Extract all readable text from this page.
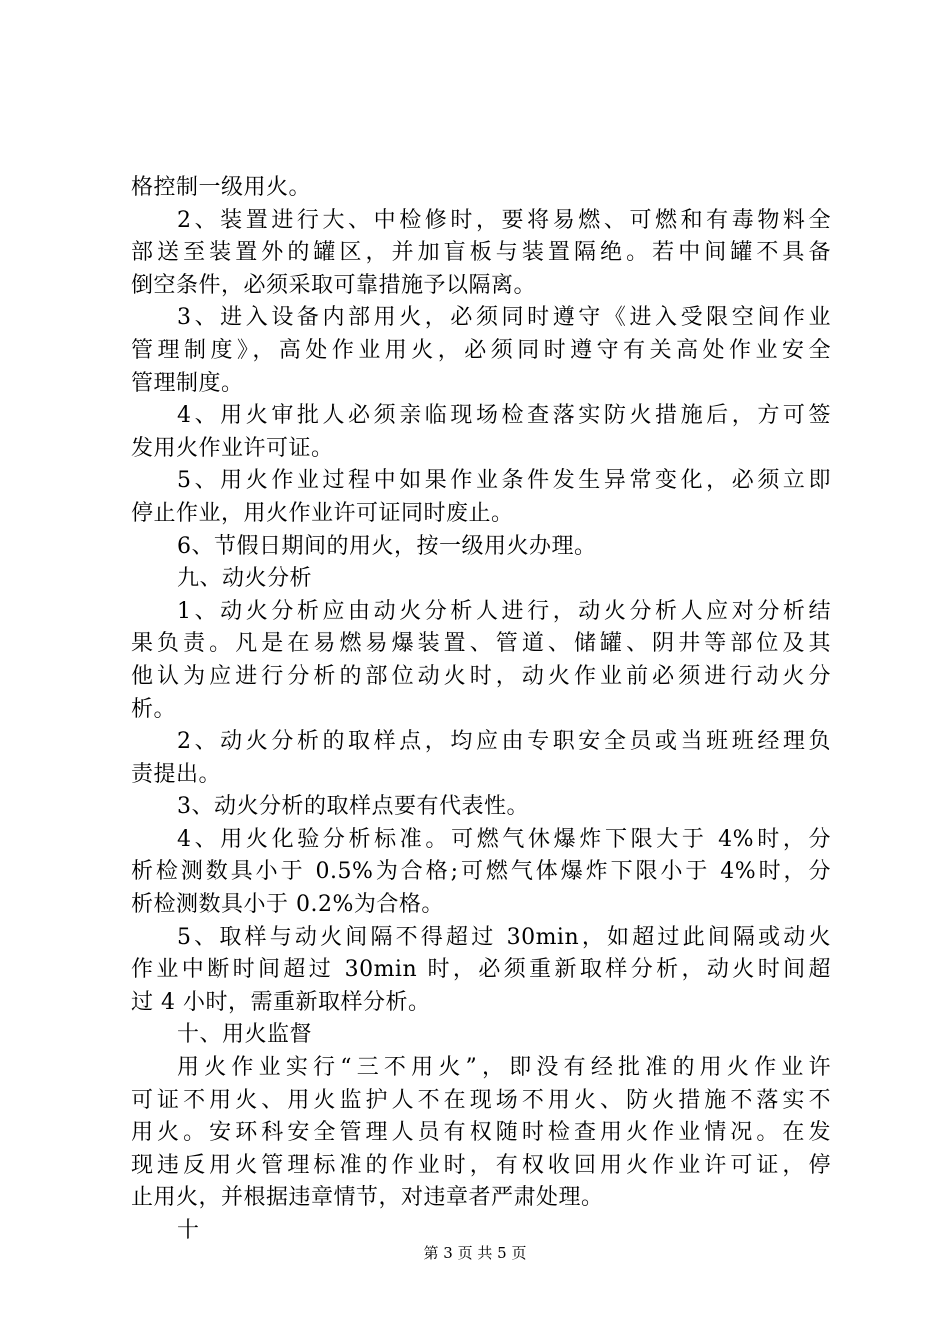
格控制一级用火。
2、装置进行大、中检修时，要将易燃、可燃和有毒物料全
部送至装置外的罐区，并加盲板与装置隔绝。若中间罐不具备
倒空条件，必须采取可靠措施予以隔离。
3、进入设备内部用火，必须同时遵守《进入受限空间作业
管理制度》，高处作业用火，必须同时遵守有关高处作业安全
管理制度。
4、用火审批人必须亲临现场检查落实防火措施后，方可签
发用火作业许可证。
5、用火作业过程中如果作业条件发生异常变化，必须立即
停止作业，用火作业许可证同时废止。
6、节假日期间的用火，按一级用火办理。
九、动火分析
1、动火分析应由动火分析人进行，动火分析人应对分析结
果负责。凡是在易燃易爆装置、管道、储罐、阴井等部位及其
他认为应进行分析的部位动火时，动火作业前必须进行动火分
析。
2、动火分析的取样点，均应由专职安全员或当班班经理负
责提出。
3、动火分析的取样点要有代表性。
4、用火化验分析标准。可燃气休爆炸下限大于 4%时，分
析检测数具小于 0.5%为合格;可燃气体爆炸下限小于 4%时，分
析检测数具小于 0.2%为合格。
5、取样与动火间隔不得超过 30min，如超过此间隔或动火
作业中断时间超过 30min 时，必须重新取样分析，动火时间超
过 4 小时，需重新取样分析。
十、用火监督
用火作业实行“三不用火”，即没有经批准的用火作业许
可证不用火、用火监护人不在现场不用火、防火措施不落实不
用火。安环科安全管理人员有权随时检查用火作业情况。在发
现违反用火管理标准的作业时，有权收回用火作业许可证，停
止用火，并根据违章情节，对违章者严肃处理。
十
第 3 页 共 5 页
